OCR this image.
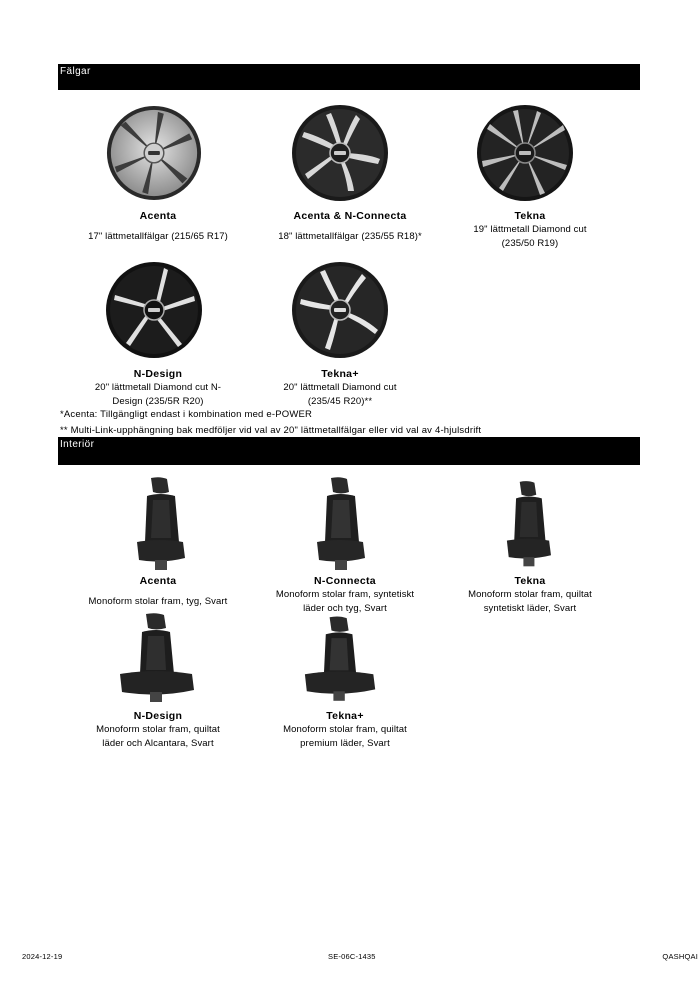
Fälgar
Acenta
17" lättmetallfälgar (215/65 R17)
Acenta & N-Connecta
18" lättmetallfälgar (235/55 R18)*
Tekna
19" lättmetall Diamond cut
(235/50 R19)
N-Design
20" lättmetall Diamond cut N-
Design (235/5R R20)
Tekna+
20" lättmetall Diamond cut
(235/45 R20)**
*Acenta: Tillgängligt endast i kombination med e-POWER
** Multi-Link-upphängning bak medföljer vid val av 20" lättmetallfälgar eller vid val av 4-hjulsdrift
Interiör
Acenta
Monoform stolar fram, tyg, Svart
N-Connecta
Monoform stolar fram, syntetiskt
läder och tyg, Svart
Tekna
Monoform stolar fram, quiltat
syntetiskt läder, Svart
N-Design
Monoform stolar fram, quiltat
läder och Alcantara, Svart
Tekna+
Monoform stolar fram, quiltat
premium läder, Svart
2024-12-19	SE-06C-1435	QASHQAI
